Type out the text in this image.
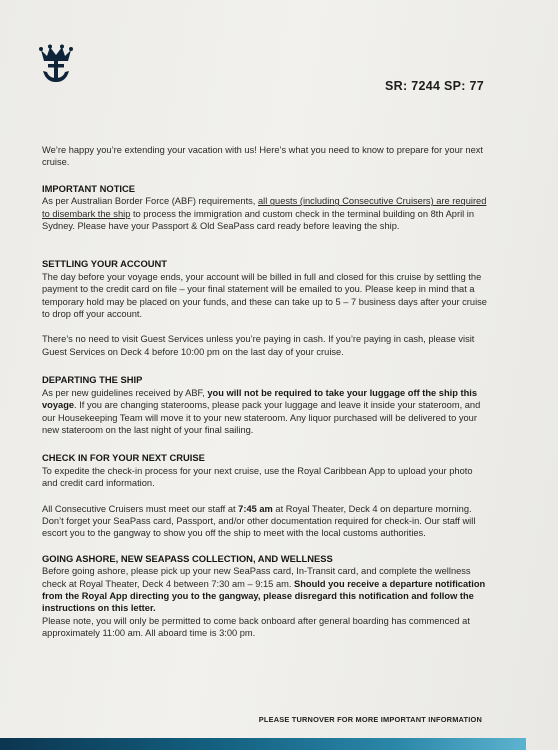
SR: 7244 SP: 77

We’re happy you’re extending your vacation with us! Here’s what you need to know to prepare for your next cruise.

IMPORTANT NOTICE

As per Australian Border Force (ABF) requirements, all guests (including Consecutive Cruisers) are required to disembark the ship to process the immigration and custom check in the terminal building on 8th April in Sydney. Please have your Passport & Old SeaPass card ready before leaving the ship.

SETTLING YOUR ACCOUNT

The day before your voyage ends, your account will be billed in full and closed for this cruise by settling the payment to the credit card on file – your final statement will be emailed to you. Please keep in mind that a temporary hold may be placed on your funds, and these can take up to 5 – 7 business days after your cruise to drop off your account.

There’s no need to visit Guest Services unless you’re paying in cash. If you’re paying in cash, please visit Guest Services on Deck 4 before 10:00 pm on the last day of your cruise.

DEPARTING THE SHIP

As per new guidelines received by ABF, you will not be required to take your luggage off the ship this voyage. If you are changing staterooms, please pack your luggage and leave it inside your stateroom, and our Housekeeping Team will move it to your new stateroom. Any liquor purchased will be delivered to your new stateroom on the last night of your final sailing.

CHECK IN FOR YOUR NEXT CRUISE

To expedite the check-in process for your next cruise, use the Royal Caribbean App to upload your photo and credit card information.

All Consecutive Cruisers must meet our staff at 7:45 am at Royal Theater, Deck 4 on departure morning. Don’t forget your SeaPass card, Passport, and/or other documentation required for check-in. Our staff will escort you to the gangway to show you off the ship to meet with the local customs authorities.

GOING ASHORE, NEW SEAPASS COLLECTION, AND WELLNESS

Before going ashore, please pick up your new SeaPass card, In-Transit card, and complete the wellness check at Royal Theater, Deck 4 between 7:30 am – 9:15 am. Should you receive a departure notification from the Royal App directing you to the gangway, please disregard this notification and follow the instructions on this letter.

Please note, you will only be permitted to come back onboard after general boarding has commenced at approximately 11:00 am. All aboard time is 3:00 pm.

PLEASE TURNOVER FOR MORE IMPORTANT INFORMATION
